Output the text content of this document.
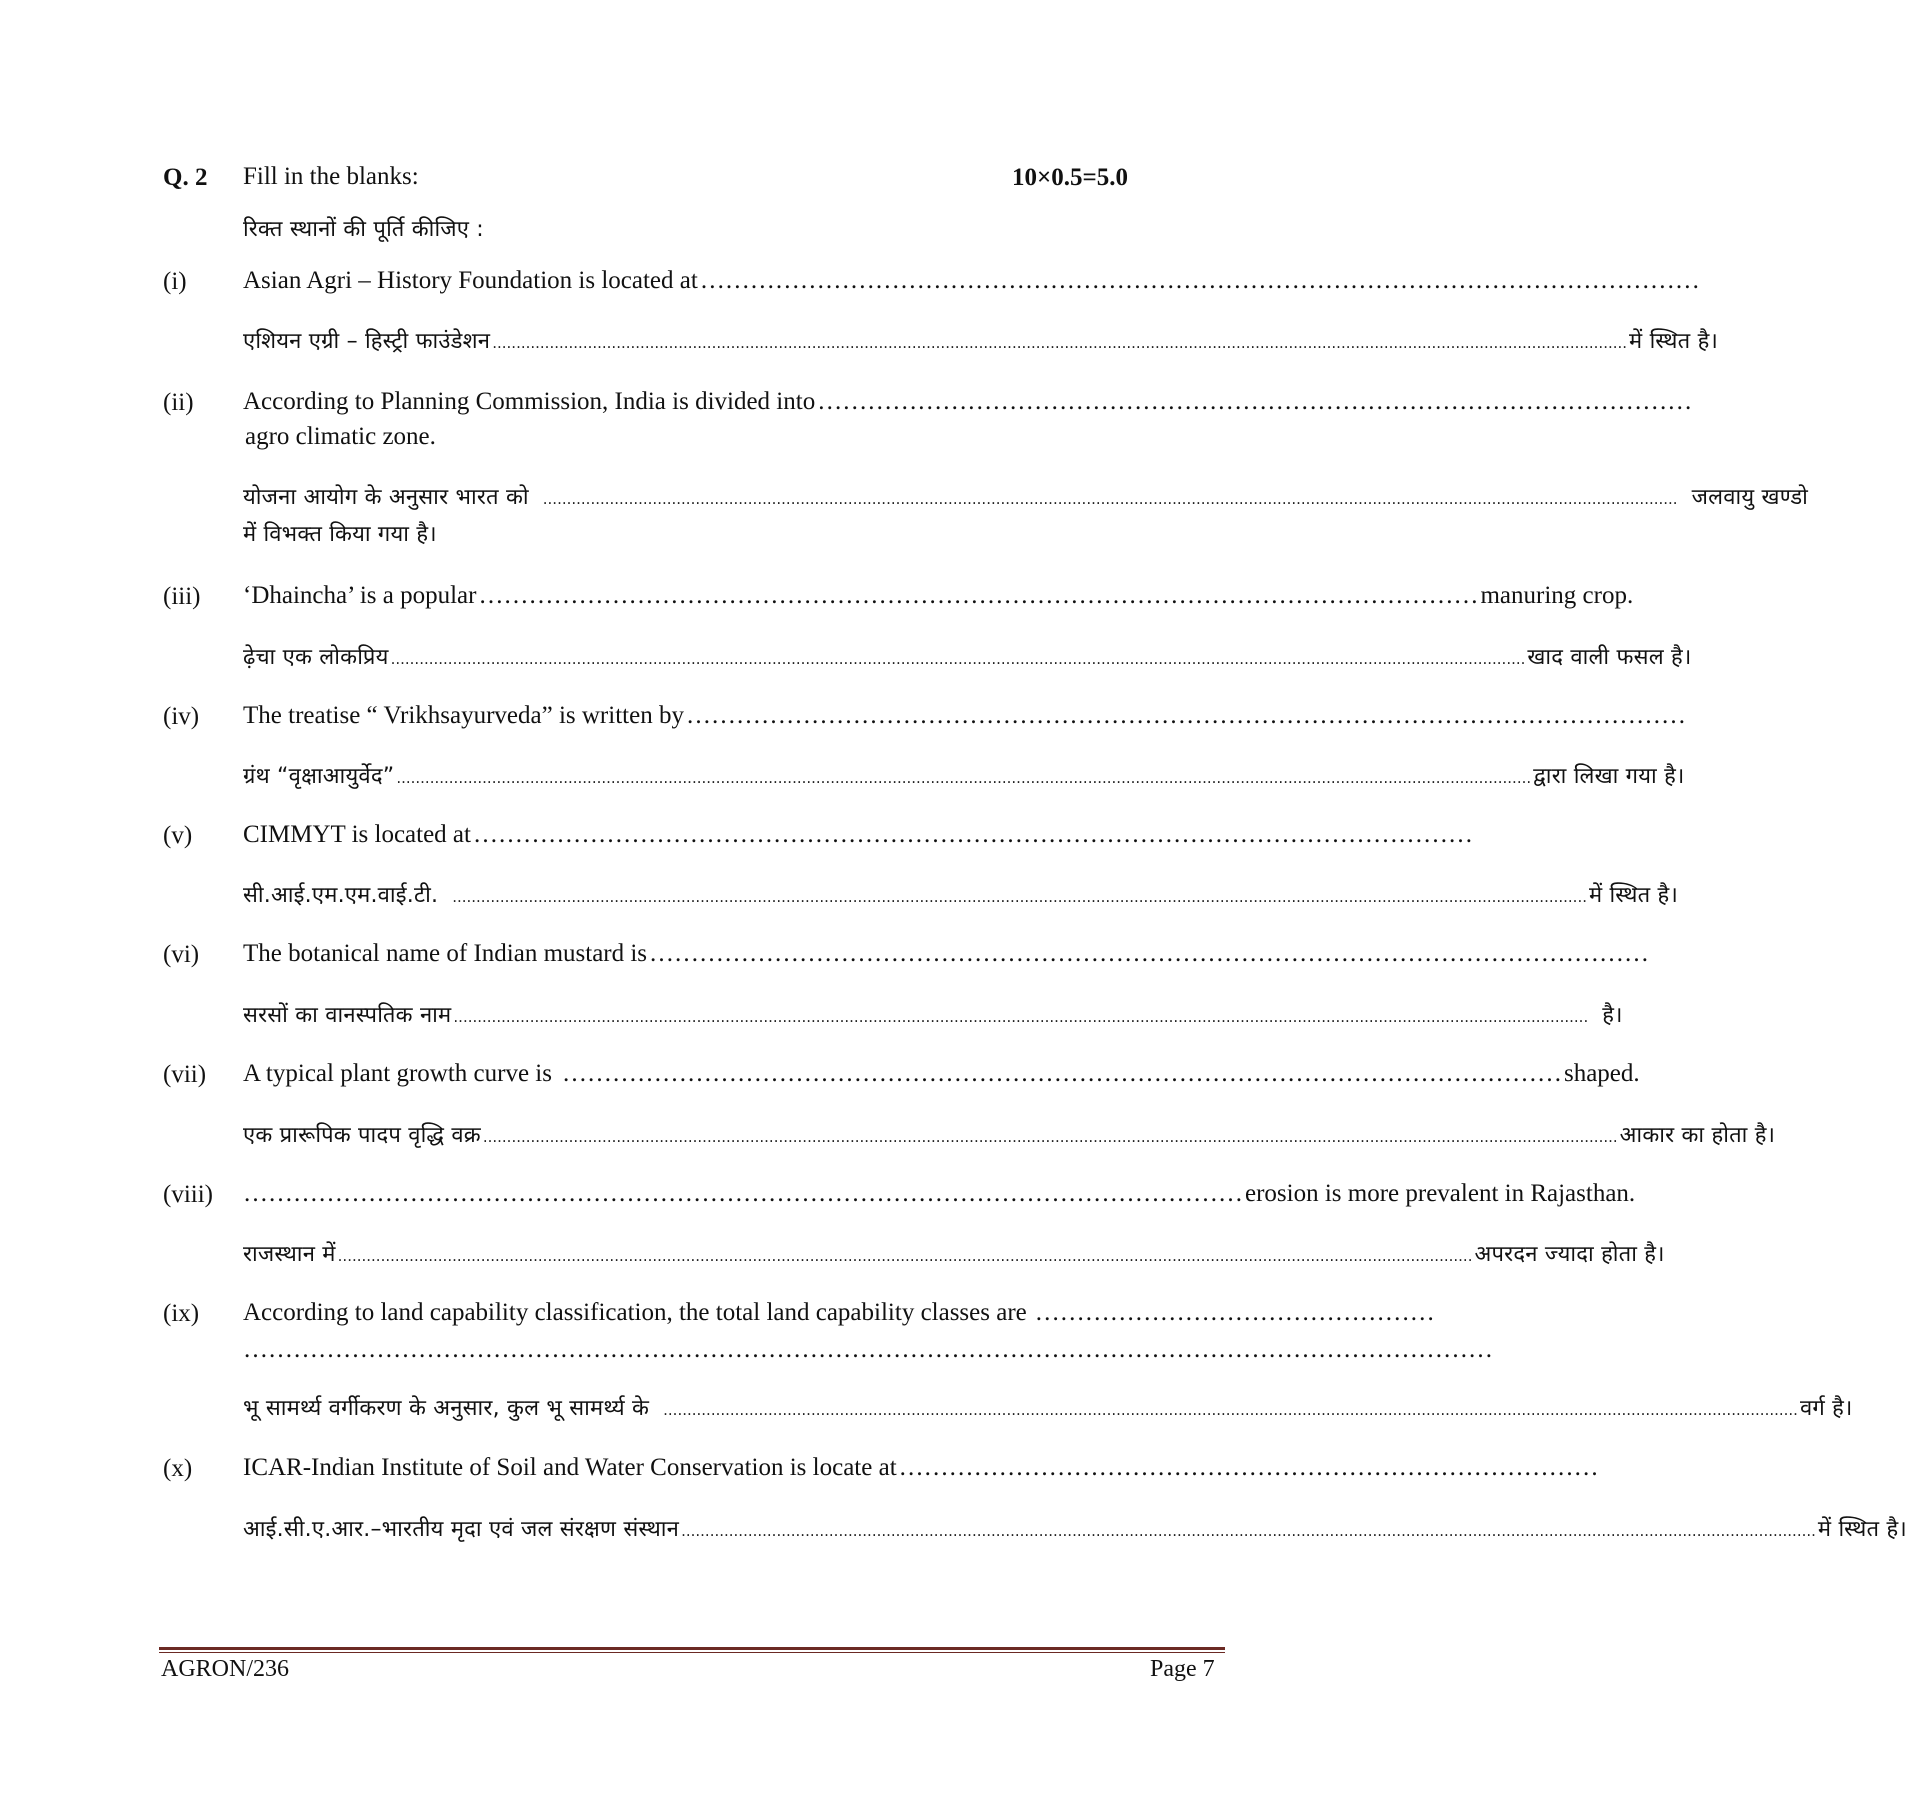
Q. 2 Fill in the blanks:	10×0.5=5.0
रिक्त स्थानों की पूर्ति कीजिए :
(i) Asian Agri – History Foundation is located at …………………………………………………………………………………………………………
एशियन एग्री – हिस्ट्री फाउंडेशन .............................................................................................................................................................................................................................................. में स्थित है।
(ii) According to Planning Commission, India is divided into ……………………………………………………………………………………………
agro climatic zone.
योजना आयोग के अनुसार भारत को .............................................................................................................................................................................................................................................. जलवायु खण्डो
में विभक्त किया गया है।
(iii) ‘Dhaincha’ is a popular ………………………………………………………………………………………………………… manuring crop.
ढ़ेचा एक लोकप्रिय .............................................................................................................................................................................................................................................. खाद वाली फसल है।
(iv) The treatise “ Vrikhsayurveda” is written by …………………………………………………………………………………………………………
ग्रंथ “वृक्षाआयुर्वेद” .............................................................................................................................................................................................................................................. द्वारा लिखा गया है।
(v) CIMMYT is located at …………………………………………………………………………………………………………
सी.आई.एम.एम.वाई.टी. .............................................................................................................................................................................................................................................. में स्थित है।
(vi) The botanical name of Indian mustard is …………………………………………………………………………………………………………
सरसों का वानस्पतिक नाम .............................................................................................................................................................................................................................................. है।
(vii) A typical plant growth curve is ………………………………………………………………………………………………………… shaped.
एक प्रारूपिक पादप वृद्धि वक्र .............................................................................................................................................................................................................................................. आकार का होता है।
(viii) ………………………………………………………………………………………………………… erosion is more prevalent in Rajasthan.
राजस्थान में .............................................................................................................................................................................................................................................. अपरदन ज्यादा होता है।
(ix) According to land capability classification, the total land capability classes are …………………………………………
……………………………………………………………………………………………………………………………………
भू सामर्थ्य वर्गीकरण के अनुसार, कुल भू सामर्थ्य के .............................................................................................................................................................................................................................................. वर्ग है।
(x) ICAR-Indian Institute of Soil and Water Conservation is locate at …………………………………………………………………………
आई.सी.ए.आर.–भारतीय मृदा एवं जल संरक्षण संस्थान .............................................................................................................................................................................................................................................. में स्थित है।
AGRON/236	Page 7
